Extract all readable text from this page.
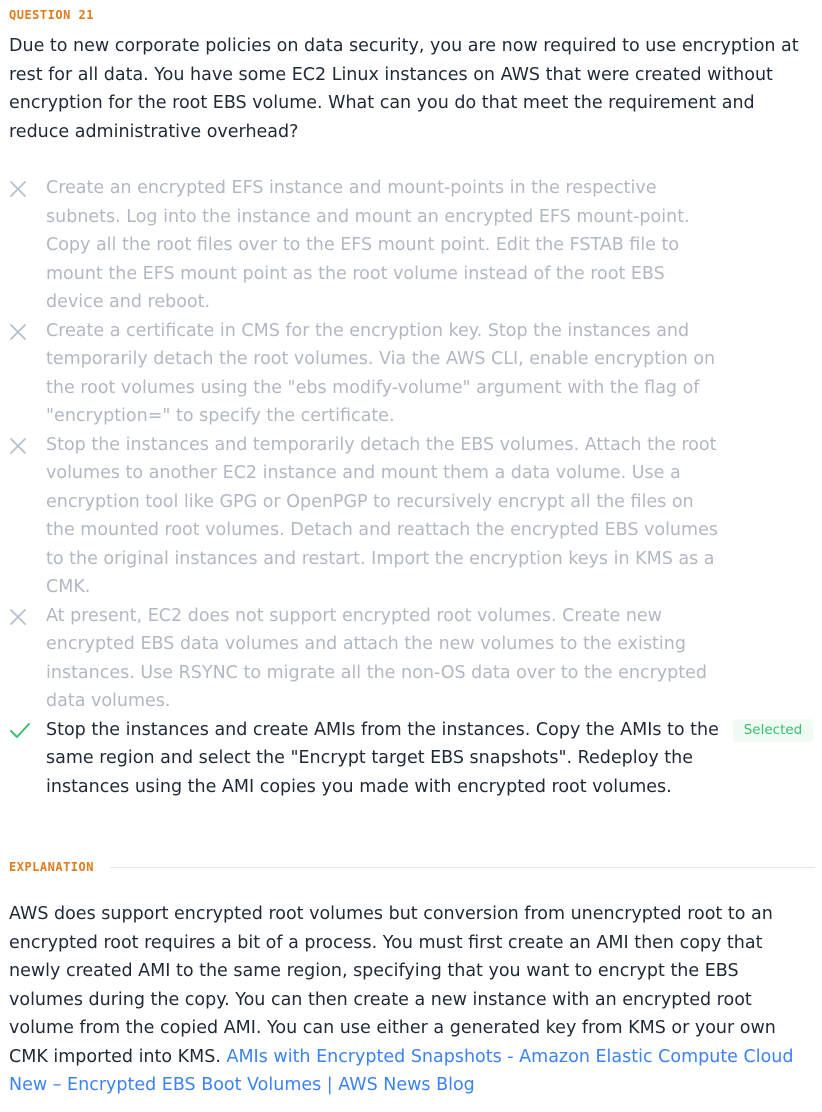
QUESTION 21
Due to new corporate policies on data security, you are now required to use encryption at rest for all data. You have some EC2 Linux instances on AWS that were created without encryption for the root EBS volume. What can you do that meet the requirement and reduce administrative overhead?
Create an encrypted EFS instance and mount-points in the respective subnets. Log into the instance and mount an encrypted EFS mount-point. Copy all the root files over to the EFS mount point. Edit the FSTAB file to mount the EFS mount point as the root volume instead of the root EBS device and reboot.
Create a certificate in CMS for the encryption key. Stop the instances and temporarily detach the root volumes. Via the AWS CLI, enable encryption on the root volumes using the "ebs modify-volume" argument with the flag of "encryption=" to specify the certificate.
Stop the instances and temporarily detach the EBS volumes. Attach the root volumes to another EC2 instance and mount them a data volume. Use a encryption tool like GPG or OpenPGP to recursively encrypt all the files on the mounted root volumes. Detach and reattach the encrypted EBS volumes to the original instances and restart. Import the encryption keys in KMS as a CMK.
At present, EC2 does not support encrypted root volumes. Create new encrypted EBS data volumes and attach the new volumes to the existing instances. Use RSYNC to migrate all the non-OS data over to the encrypted data volumes.
Stop the instances and create AMIs from the instances. Copy the AMIs to the same region and select the "Encrypt target EBS snapshots". Redeploy the instances using the AMI copies you made with encrypted root volumes.
Selected
EXPLANATION
AWS does support encrypted root volumes but conversion from unencrypted root to an encrypted root requires a bit of a process. You must first create an AMI then copy that newly created AMI to the same region, specifying that you want to encrypt the EBS volumes during the copy. You can then create a new instance with an encrypted root volume from the copied AMI. You can use either a generated key from KMS or your own CMK imported into KMS. AMIs with Encrypted Snapshots - Amazon Elastic Compute Cloud New – Encrypted EBS Boot Volumes | AWS News Blog
